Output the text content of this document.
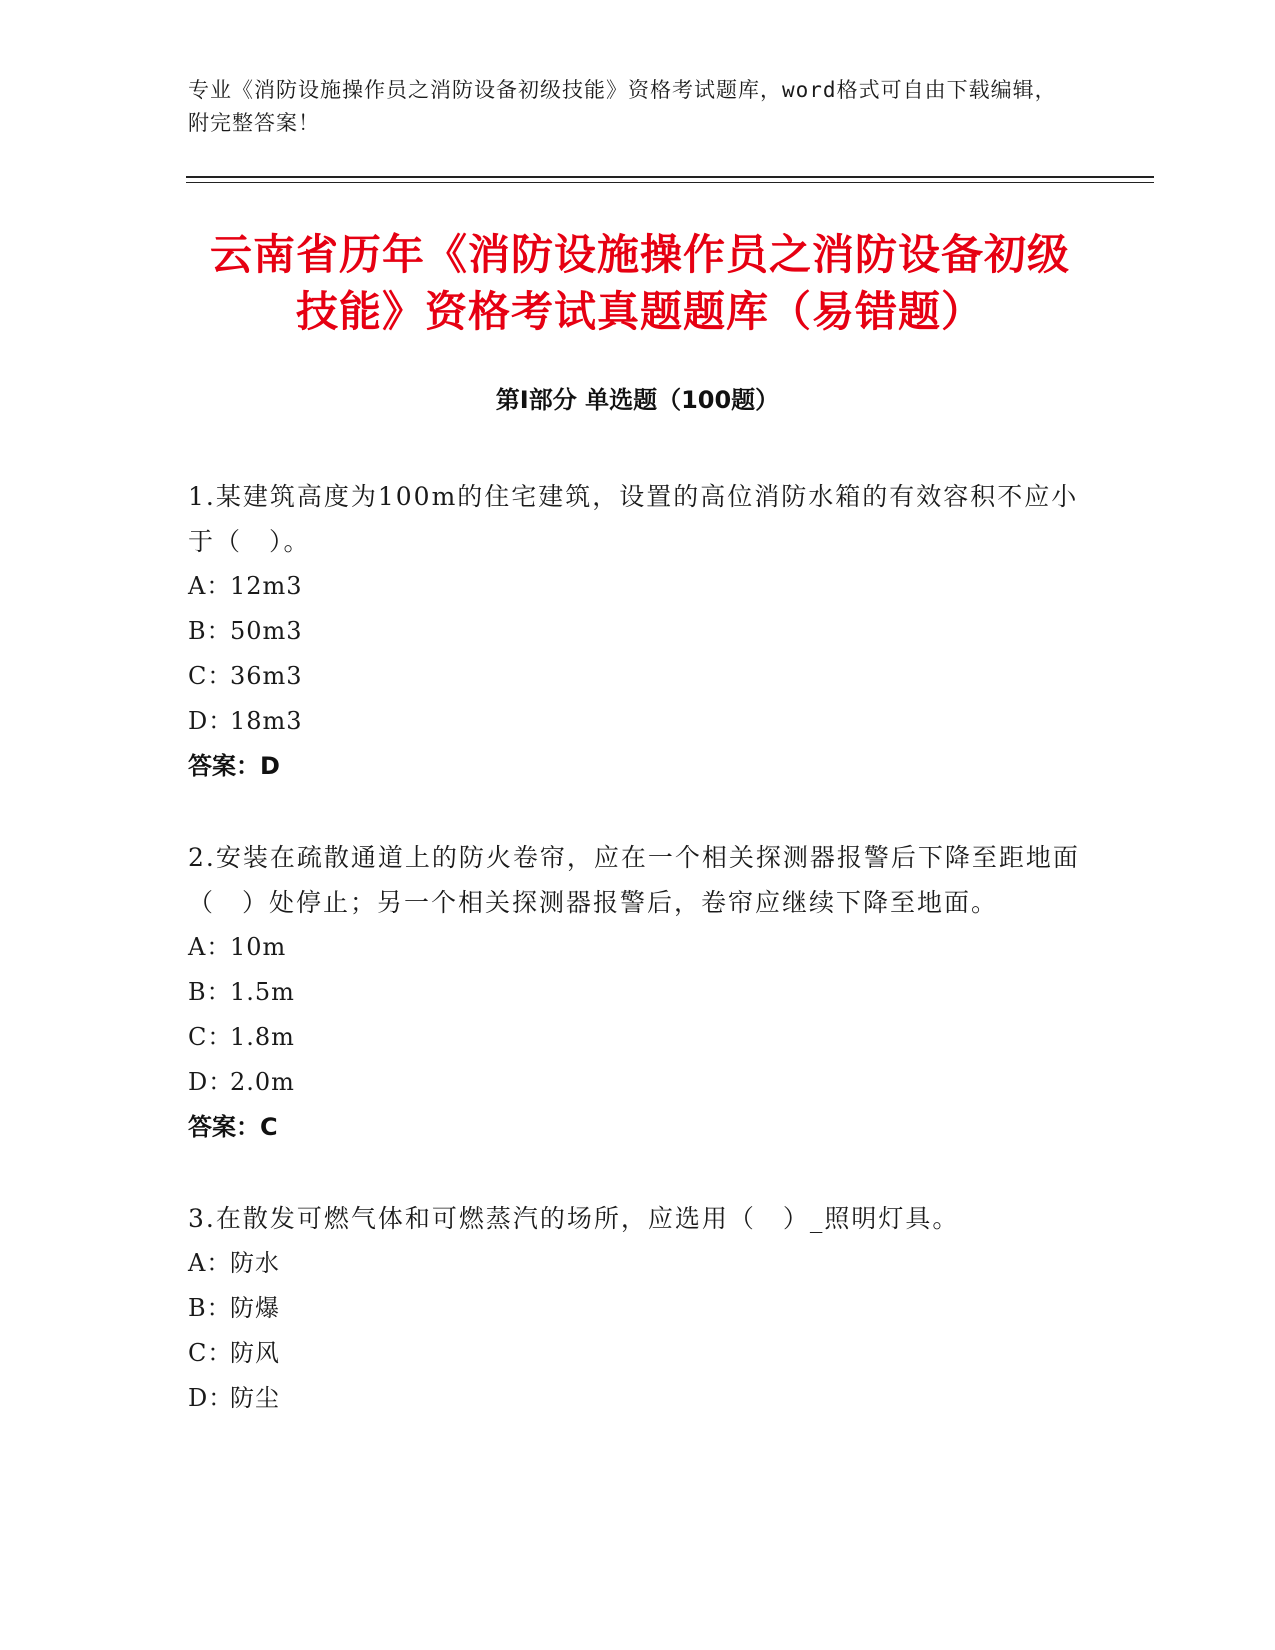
专业《消防设施操作员之消防设备初级技能》资格考试题库，word格式可自由下载编辑，附完整答案！
云南省历年《消防设施操作员之消防设备初级技能》资格考试真题题库（易错题）
第Ⅰ部分 单选题（100题）

1.某建筑高度为100m的住宅建筑，设置的高位消防水箱的有效容积不应小于（　）。

A：12m3

B：50m3

C：36m3

D：18m3

答案：D

2.安装在疏散通道上的防火卷帘，应在一个相关探测器报警后下降至距地面（　）处停止；另一个相关探测器报警后，卷帘应继续下降至地面。

A：10m

B：1.5m

C：1.8m

D：2.0m

答案：C

3.在散发可燃气体和可燃蒸汽的场所，应选用（　）_照明灯具。

A：防水

B：防爆

C：防风

D：防尘
